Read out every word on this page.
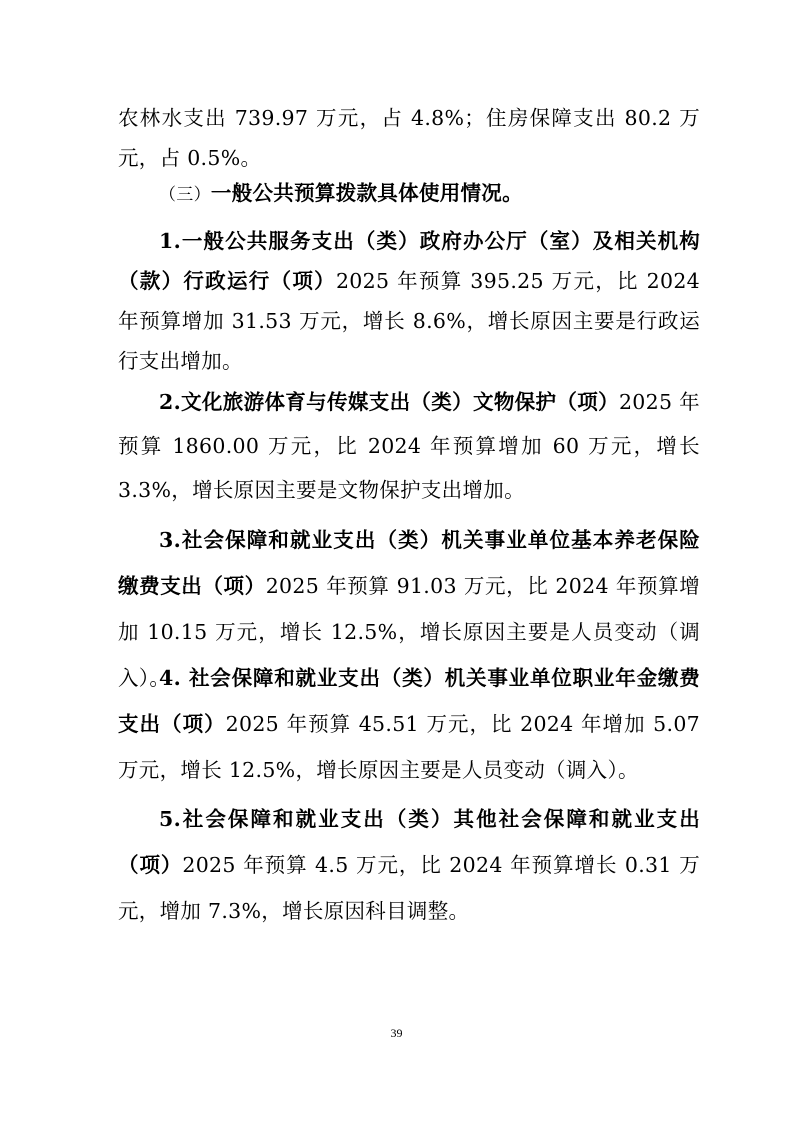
农林水支出 739.97 万元，占 4.8%；住房保障支出 80.2 万元，占 0.5%。

（三）一般公共预算拨款具体使用情况。

1.一般公共服务支出（类）政府办公厅（室）及相关机构（款）行政运行（项）2025 年预算 395.25 万元，比 2024 年预算增加 31.53 万元，增长 8.6%，增长原因主要是行政运行支出增加。

2.文化旅游体育与传媒支出（类）文物保护（项）2025 年预算 1860.00 万元，比 2024 年预算增加 60 万元，增长 3.3%，增长原因主要是文物保护支出增加。

3.社会保障和就业支出（类）机关事业单位基本养老保险缴费支出（项）2025 年预算 91.03 万元，比 2024 年预算增加 10.15 万元，增长 12.5%，增长原因主要是人员变动（调入）。

4. 社会保障和就业支出（类）机关事业单位职业年金缴费支出（项）2025 年预算 45.51 万元，比 2024 年增加 5.07 万元，增长 12.5%，增长原因主要是人员变动（调入）。

5.社会保障和就业支出（类）其他社会保障和就业支出（项）2025 年预算 4.5 万元，比 2024 年预算增长 0.31 万元，增加 7.3%，增长原因科目调整。

39
